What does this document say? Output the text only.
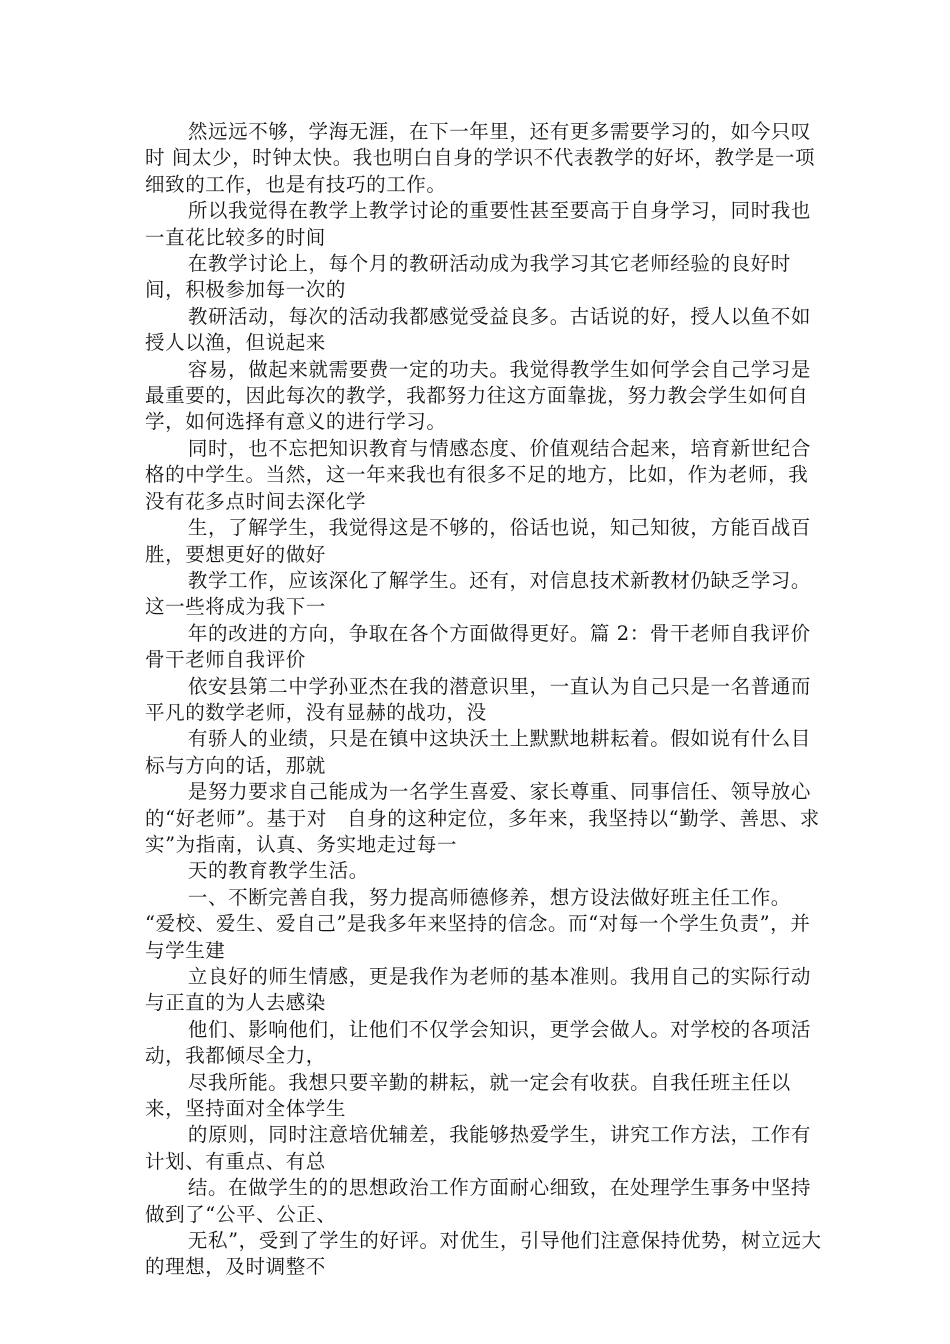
然远远不够，学海无涯，在下一年里，还有更多需要学习的，如今只叹时 间太少，时钟太快。我也明白自身的学识不代表教学的好坏，教学是一项细致的工作，也是有技巧的工作。

所以我觉得在教学上教学讨论的重要性甚至要高于自身学习，同时我也一直花比较多的时间

在教学讨论上，每个月的教研活动成为我学习其它老师经验的良好时间，积极参加每一次的

教研活动，每次的活动我都感觉受益良多。古话说的好，授人以鱼不如授人以渔，但说起来

容易，做起来就需要费一定的功夫。我觉得教学生如何学会自己学习是最重要的，因此每次的教学，我都努力往这方面靠拢，努力教会学生如何自学，如何选择有意义的进行学习。

同时，也不忘把知识教育与情感态度、价值观结合起来，培育新世纪合格的中学生。当然，这一年来我也有很多不足的地方，比如，作为老师，我没有花多点时间去深化学

生，了解学生，我觉得这是不够的，俗话也说，知己知彼，方能百战百胜，要想更好的做好

教学工作，应该深化了解学生。还有，对信息技术新教材仍缺乏学习。这一些将成为我下一

年的改进的方向，争取在各个方面做得更好。篇 2：骨干老师自我评价骨干老师自我评价

依安县第二中学孙亚杰在我的潜意识里，一直认为自己只是一名普通而平凡的数学老师，没有显赫的战功，没

有骄人的业绩，只是在镇中这块沃土上默默地耕耘着。假如说有什么目标与方向的话，那就

是努力要求自己能成为一名学生喜爱、家长尊重、同事信任、领导放心的“好老师”。基于对　自身的这种定位，多年来，我坚持以“勤学、善思、求实”为指南，认真、务实地走过每一

天的教育教学生活。

一、不断完善自我，努力提高师德修养，想方设法做好班主任工作。 “爱校、爱生、爱自己”是我多年来坚持的信念。而“对每一个学生负责”，并与学生建

立良好的师生情感，更是我作为老师的基本准则。我用自己的实际行动与正直的为人去感染

他们、影响他们，让他们不仅学会知识，更学会做人。对学校的各项活动，我都倾尽全力，

尽我所能。我想只要辛勤的耕耘，就一定会有收获。自我任班主任以来，坚持面对全体学生

的原则，同时注意培优辅差，我能够热爱学生，讲究工作方法，工作有计划、有重点、有总

结。在做学生的的思想政治工作方面耐心细致，在处理学生事务中坚持做到了“公平、公正、

无私”，受到了学生的好评。对优生，引导他们注意保持优势，树立远大的理想，及时调整不
